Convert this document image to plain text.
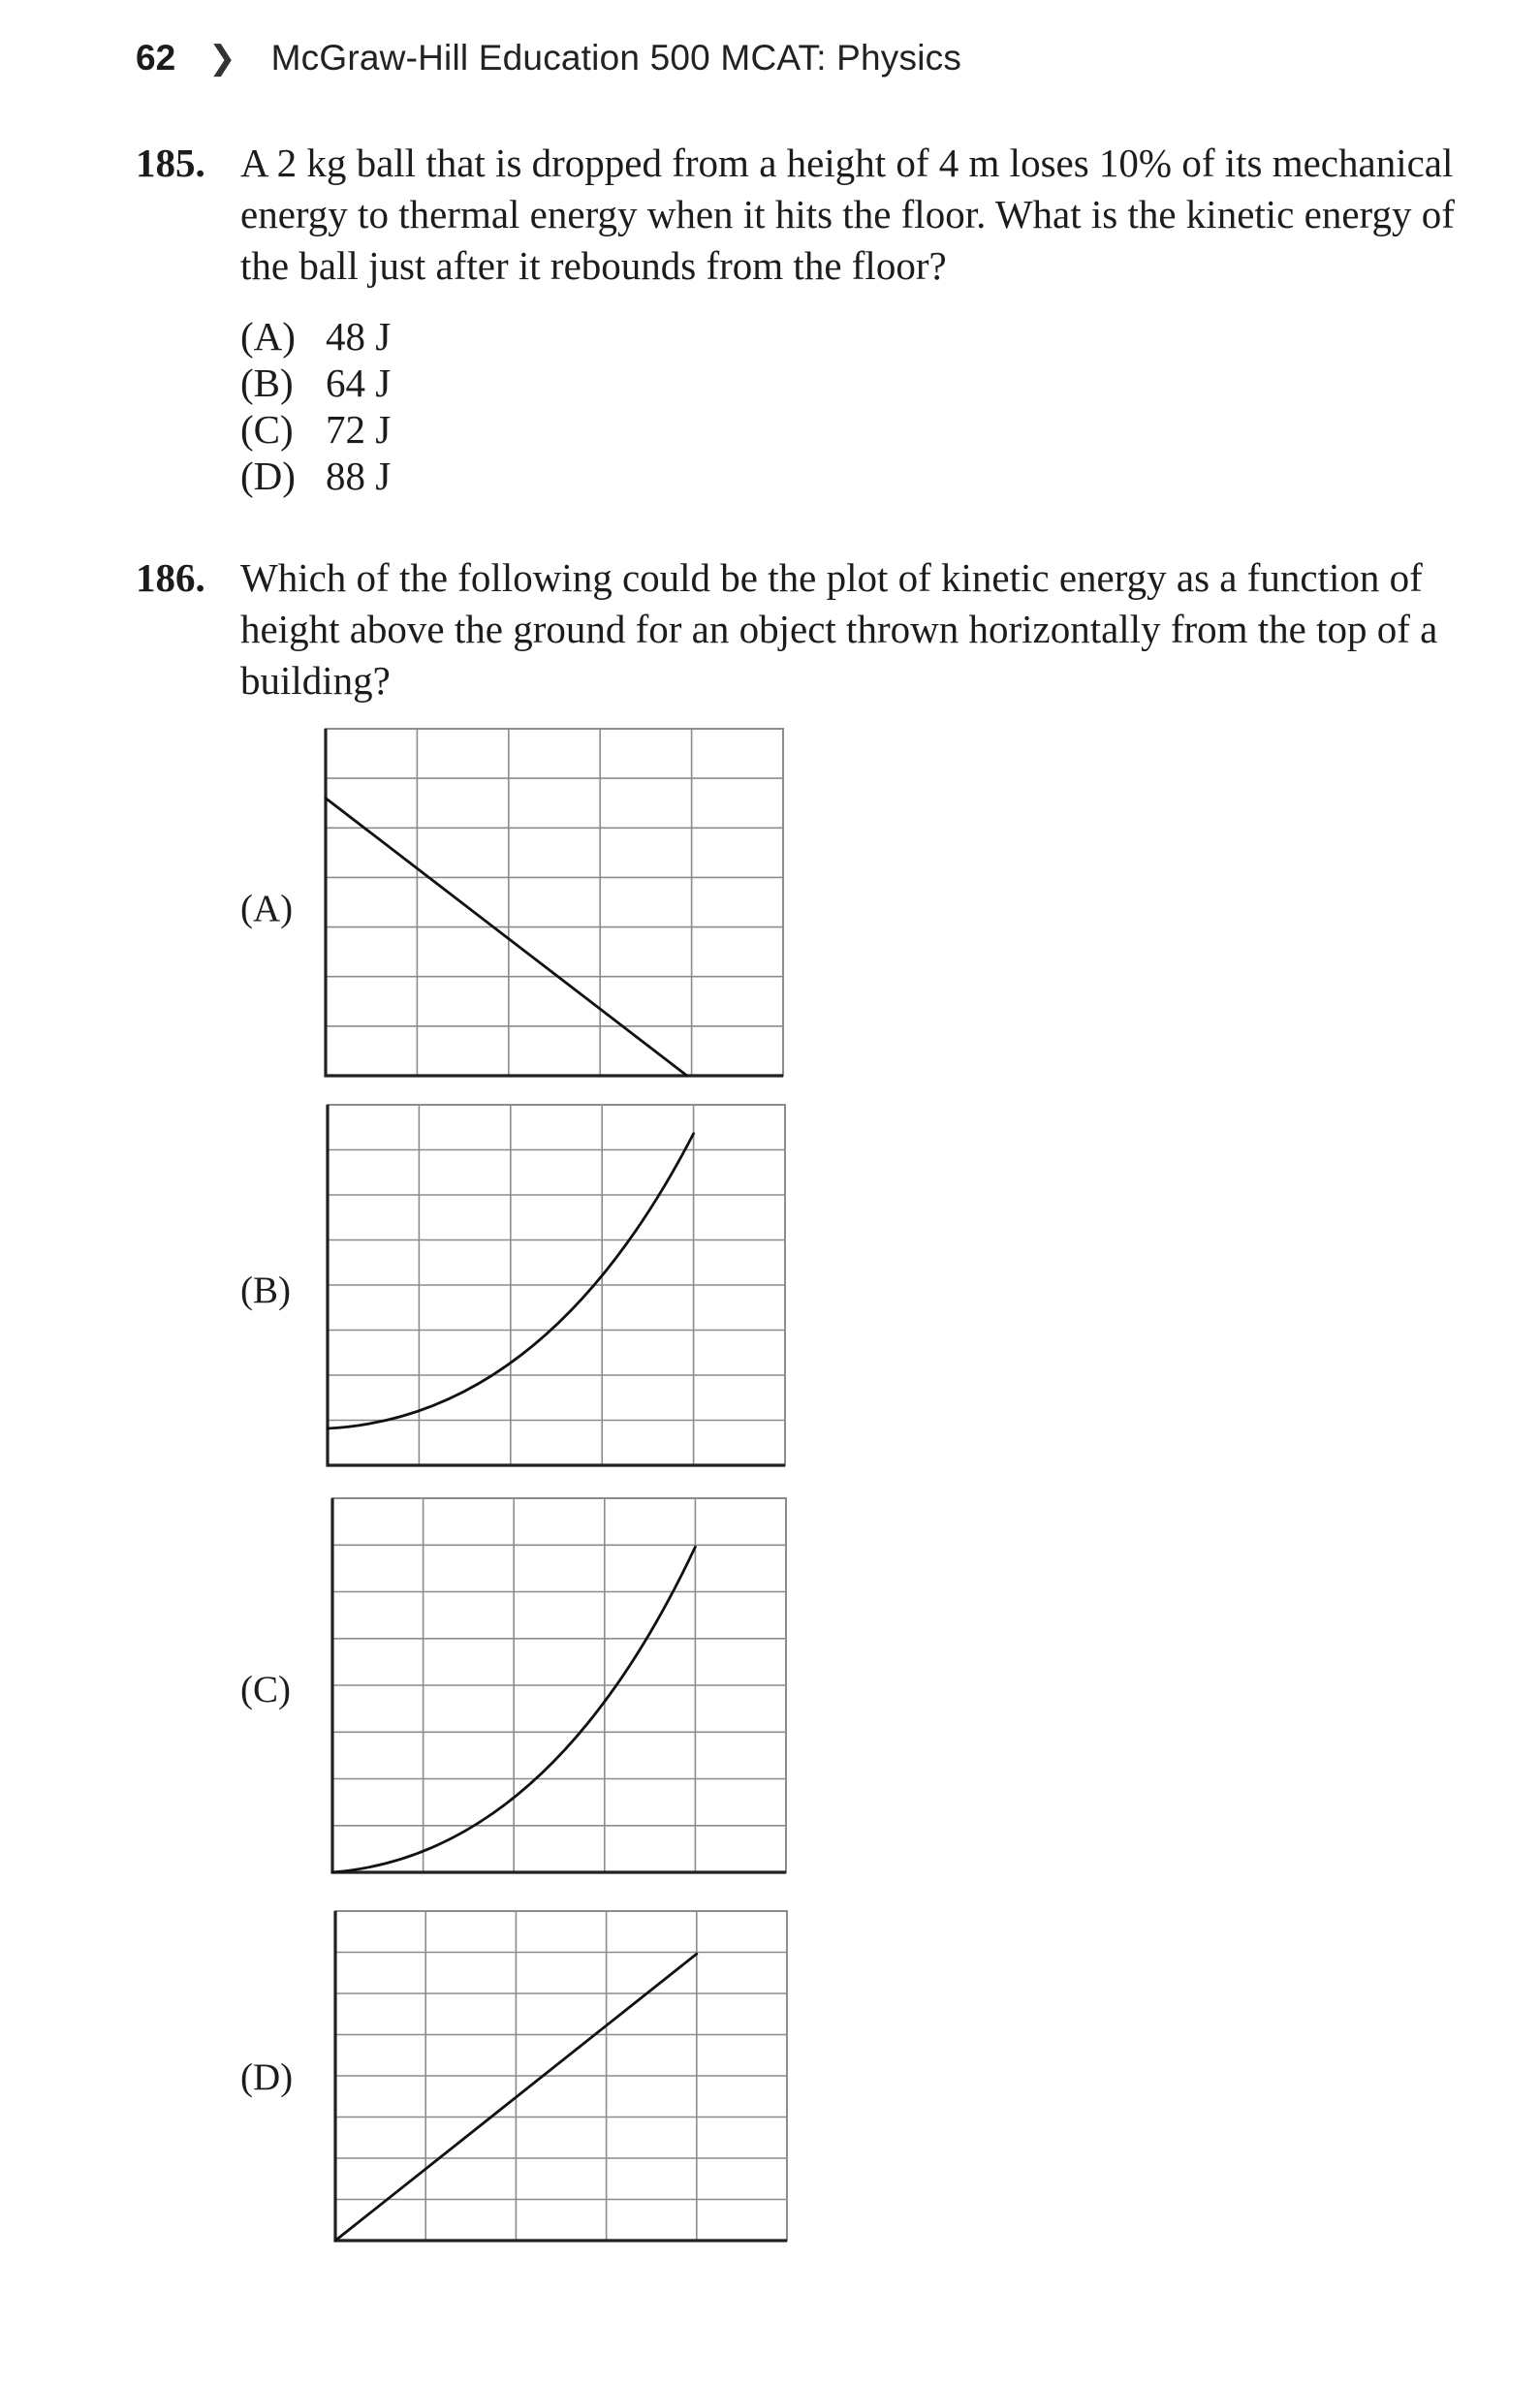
62 ❯ McGraw-Hill Education 500 MCAT: Physics
185. A 2 kg ball that is dropped from a height of 4 m loses 10% of its mechanical energy to thermal energy when it hits the floor. What is the kinetic energy of the ball just after it rebounds from the floor?
(A) 48 J
(B) 64 J
(C) 72 J
(D) 88 J
186. Which of the following could be the plot of kinetic energy as a function of height above the ground for an object thrown horizontally from the top of a building?
(A)
(B)
(C)
(D)
